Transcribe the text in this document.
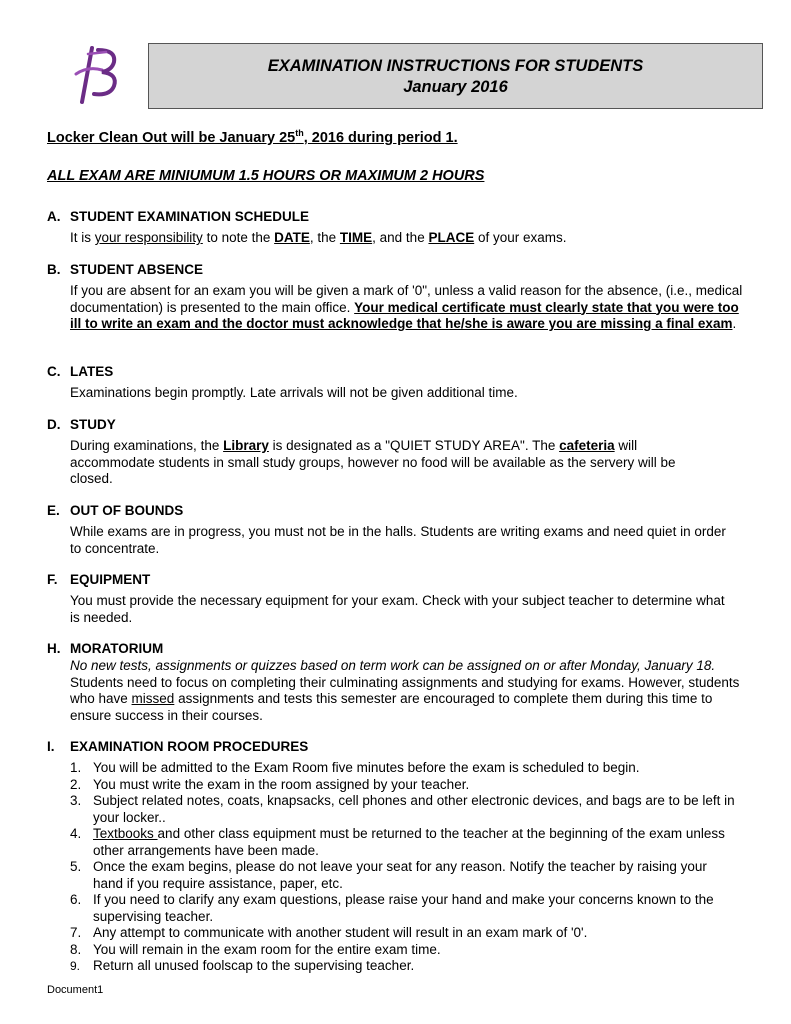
EXAMINATION INSTRUCTIONS FOR STUDENTS
January 2016
Locker Clean Out will be January 25th, 2016 during period 1.
ALL EXAM ARE MINIUMUM 1.5 HOURS OR MAXIMUM 2 HOURS
A. STUDENT EXAMINATION SCHEDULE
It is your responsibility to note the DATE, the TIME, and the PLACE of your exams.
B. STUDENT ABSENCE
If you are absent for an exam you will be given a mark of '0", unless a valid reason for the absence, (i.e., medical documentation) is presented to the main office. Your medical certificate must clearly state that you were too ill to write an exam and the doctor must acknowledge that he/she is aware you are missing a final exam.
C. LATES
Examinations begin promptly. Late arrivals will not be given additional time.
D. STUDY
During examinations, the Library is designated as a "QUIET STUDY AREA". The cafeteria will accommodate students in small study groups, however no food will be available as the servery will be closed.
E. OUT OF BOUNDS
While exams are in progress, you must not be in the halls. Students are writing exams and need quiet in order to concentrate.
F. EQUIPMENT
You must provide the necessary equipment for your exam. Check with your subject teacher to determine what is needed.
H. MORATORIUM
No new tests, assignments or quizzes based on term work can be assigned on or after Monday, January 18. Students need to focus on completing their culminating assignments and studying for exams. However, students who have missed assignments and tests this semester are encouraged to complete them during this time to ensure success in their courses.
I. EXAMINATION ROOM PROCEDURES
1. You will be admitted to the Exam Room five minutes before the exam is scheduled to begin.
2. You must write the exam in the room assigned by your teacher.
3. Subject related notes, coats, knapsacks, cell phones and other electronic devices, and bags are to be left in your locker..
4. Textbooks and other class equipment must be returned to the teacher at the beginning of the exam unless other arrangements have been made.
5. Once the exam begins, please do not leave your seat for any reason. Notify the teacher by raising your hand if you require assistance, paper, etc.
6. If you need to clarify any exam questions, please raise your hand and make your concerns known to the supervising teacher.
7. Any attempt to communicate with another student will result in an exam mark of '0'.
8. You will remain in the exam room for the entire exam time.
9. Return all unused foolscap to the supervising teacher.
Document1
